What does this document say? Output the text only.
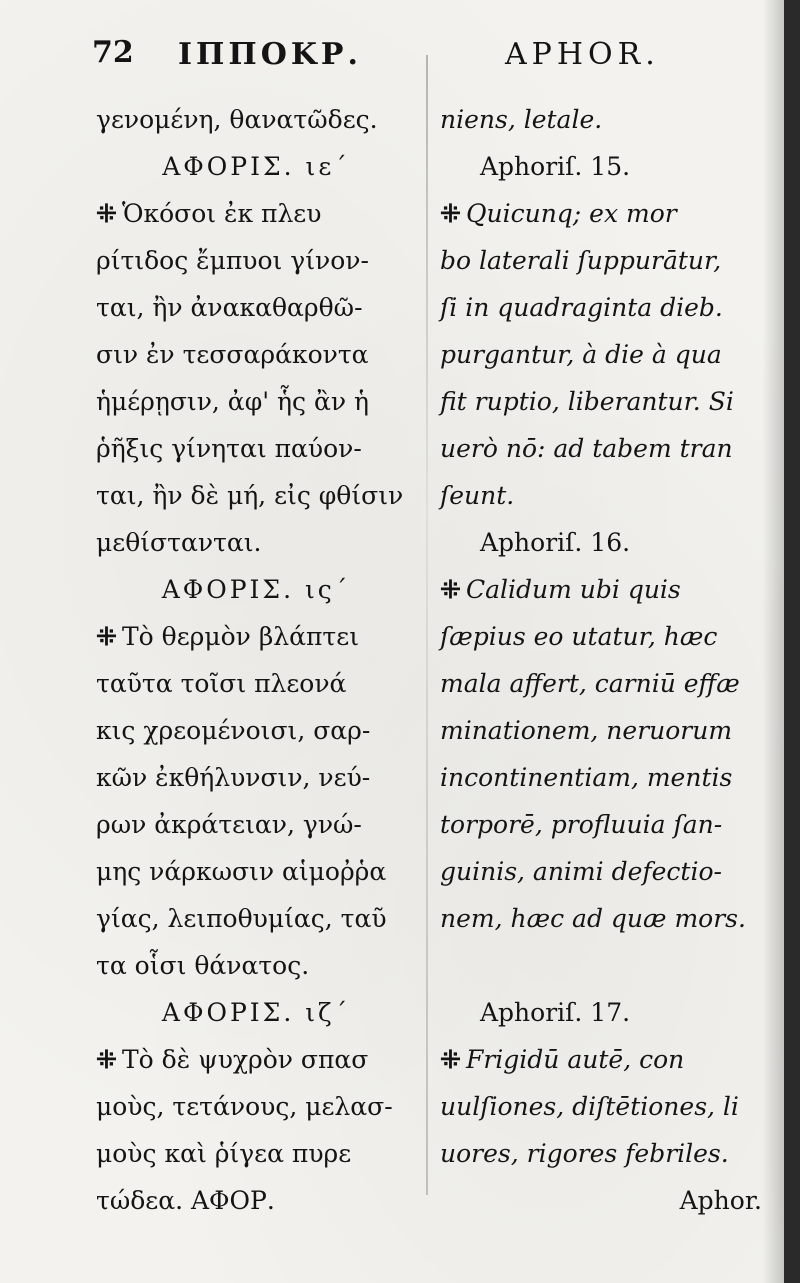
72 ΙΠΠΟΚΡ.	APHOR.
γενομένη, θανατῶδες.
ΑΦΟΡΙΣ. ιε΄
⁜ Ὁκόσοι ἐκ πλευ
ρίτιδος ἔμπυοι γίνον-
ται, ἢν ἀνακαθαρθῶ-
σιν ἐν τεσσαράκοντα
ἡμέρῃσιν, ἀφ' ἧς ἂν ἡ
ῥῆξις γίνηται παύον-
ται, ἢν δὲ μή, εἰς φθίσιν
μεθίστανται.
ΑΦΟΡΙΣ. ις΄
⁜ Τὸ θερμὸν βλάπτει
ταῦτα τοῖσι πλεονά
κις χρεομένοισι, σαρ-
κῶν ἐκθήλυνσιν, νεύ-
ρων ἀκράτειαν, γνώ-
μης νάρκωσιν αἱμοῤῥα
γίας, λειποθυμίας, ταῦ
τα οἷσι θάνατος.
ΑΦΟΡΙΣ. ιζ΄
⁜ Τὸ δὲ ψυχρὸν σπασ
μοὺς, τετάνους, μελασ-
μοὺς καὶ ῥίγεα πυρε
τώδεα. ΑΦΟΡ.
niens, letale.
Aphoriſ. 15.
⁜ Quicunq; ex mor
bo laterali ſuppurātur,
ſi in quadraginta dieb.
purgantur, à die à qua
fit ruptio, liberantur. Si
uerò nō: ad tabem tran
ſeunt.
Aphoriſ. 16.
⁜ Calidum ubi quis
ſæpius eo utatur, hæc
mala affert, carniū effæ
minationem, neruorum
incontinentiam, mentis
torporē, profluuia ſan-
guinis, animi defectio-
nem, hæc ad quæ mors.
Aphoriſ. 17.
⁜ Frigidū autē, con
uulſiones, diſtētiones, li
uores, rigores febriles.
Aphor.
